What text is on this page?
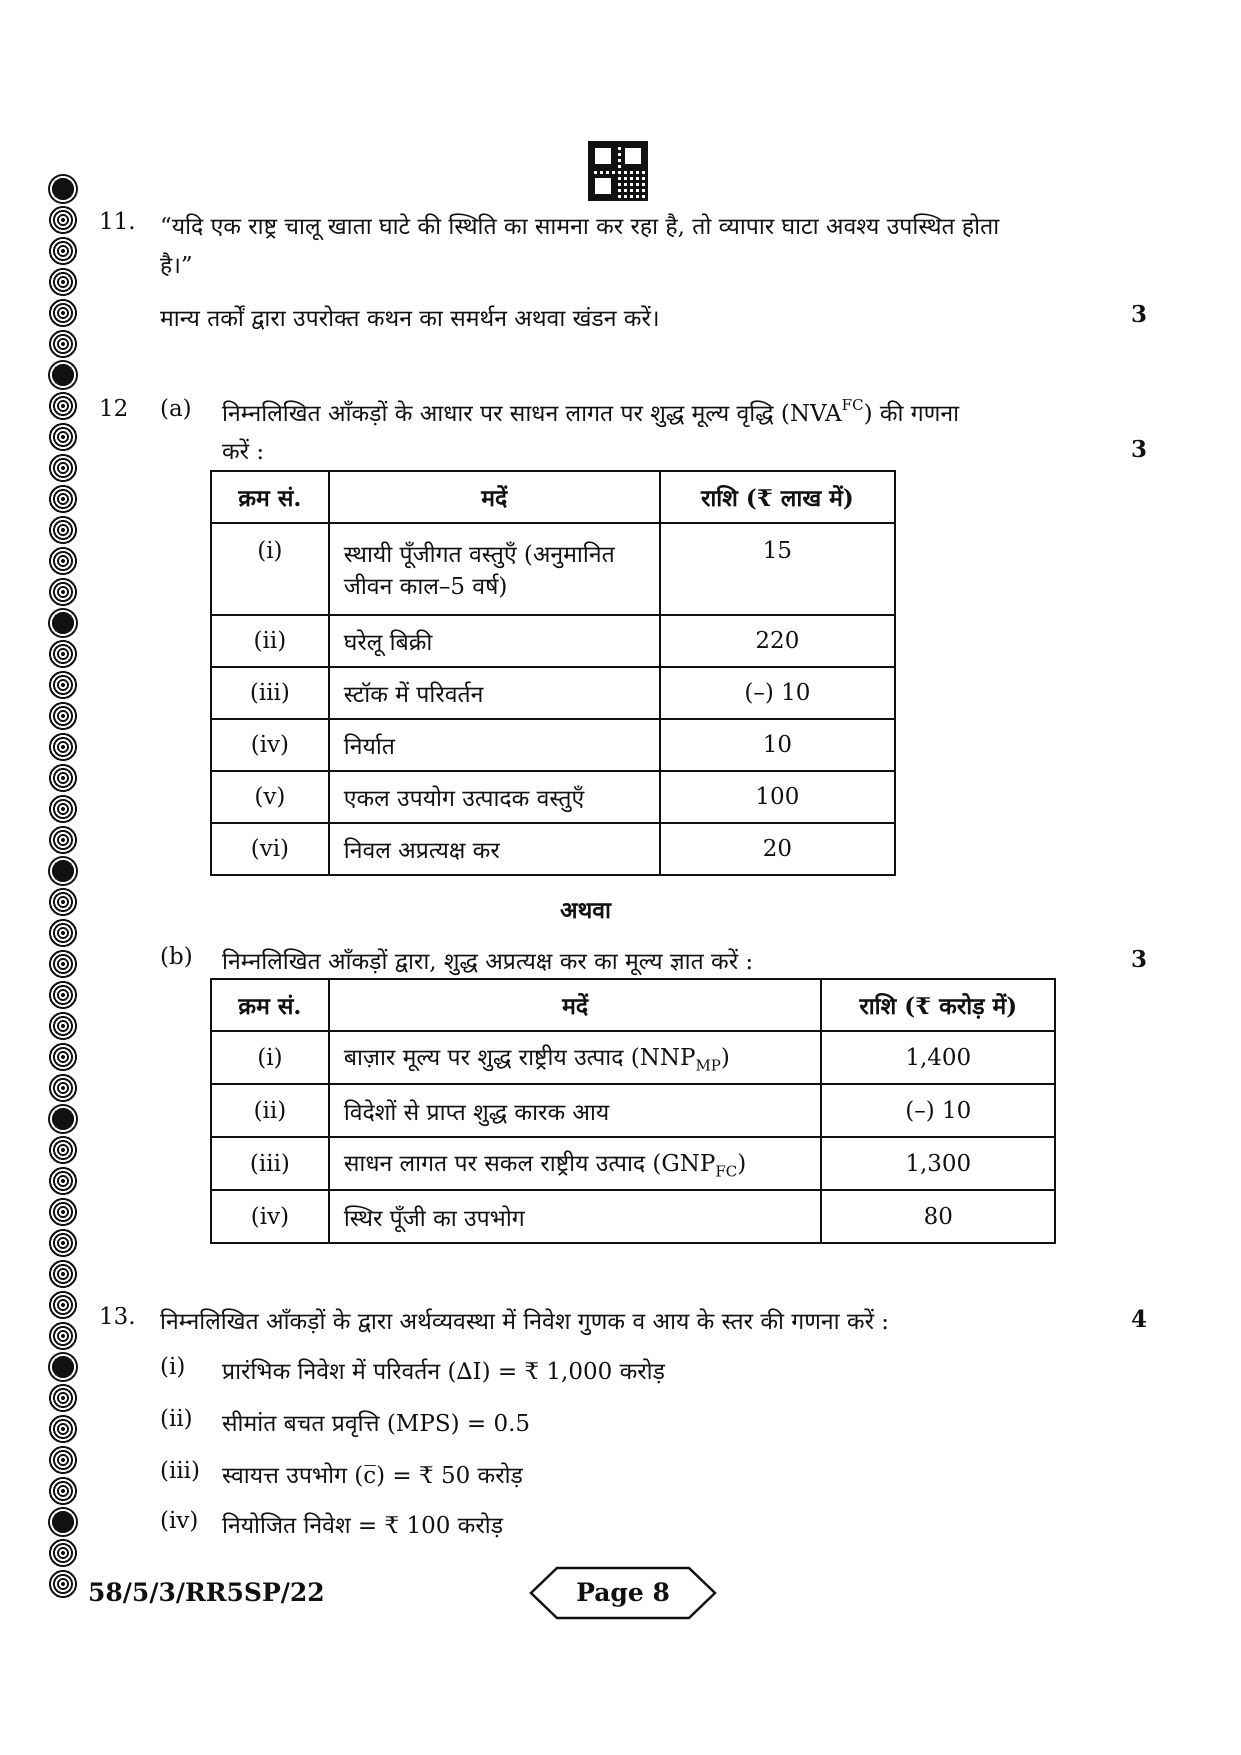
11. “यदि एक राष्ट्र चालू खाता घाटे की स्थिति का सामना कर रहा है, तो व्यापार घाटा अवश्य उपस्थित होता
है।”
मान्य तर्कों द्वारा उपरोक्त कथन का समर्थन अथवा खंडन करें।	3
12 (a) निम्नलिखित आँकड़ों के आधार पर साधन लागत पर शुद्ध मूल्य वृद्धि (NVA FC ) की गणना
करें :	3
क्रम सं.	मदें	राशि (₹ लाख में)
(i)	स्थायी पूँजीगत वस्तुएँ (अनुमानित
जीवन काल–5 वर्ष)	15
(ii)	घरेलू बिक्री	220
(iii)	स्टॉक में परिवर्तन	(–) 10
(iv)	निर्यात	10
(v)	एकल उपयोग उत्पादक वस्तुएँ	100
(vi)	निवल अप्रत्यक्ष कर	20
अथवा
(b) निम्नलिखित आँकड़ों द्वारा, शुद्ध अप्रत्यक्ष कर का मूल्य ज्ञात करें :	3
क्रम सं.	मदें	राशि (₹ करोड़ में)
(i)	बाज़ार मूल्य पर शुद्ध राष्ट्रीय उत्पाद $(NNP_{MP})$	1,400
(ii)	विदेशों से प्राप्त शुद्ध कारक आय	(–) 10
(iii)	साधन लागत पर सकल राष्ट्रीय उत्पाद $(GNP_{FC})$	1,300
(iv)	स्थिर पूँजी का उपभोग	80
13. निम्नलिखित आँकड़ों के द्वारा अर्थव्यवस्था में निवेश गुणक व आय के स्तर की गणना करें :	4
(i) प्रारंभिक निवेश में परिवर्तन (∆I) = ₹ 1,000 करोड़
(ii) सीमांत बचत प्रवृत्ति (MPS) = 0.5
(iii) स्वायत्त उपभोग (c̅) = ₹ 50 करोड़
(iv) नियोजित निवेश = ₹ 100 करोड़
58/5/3/RR5SP/22	Page 8
